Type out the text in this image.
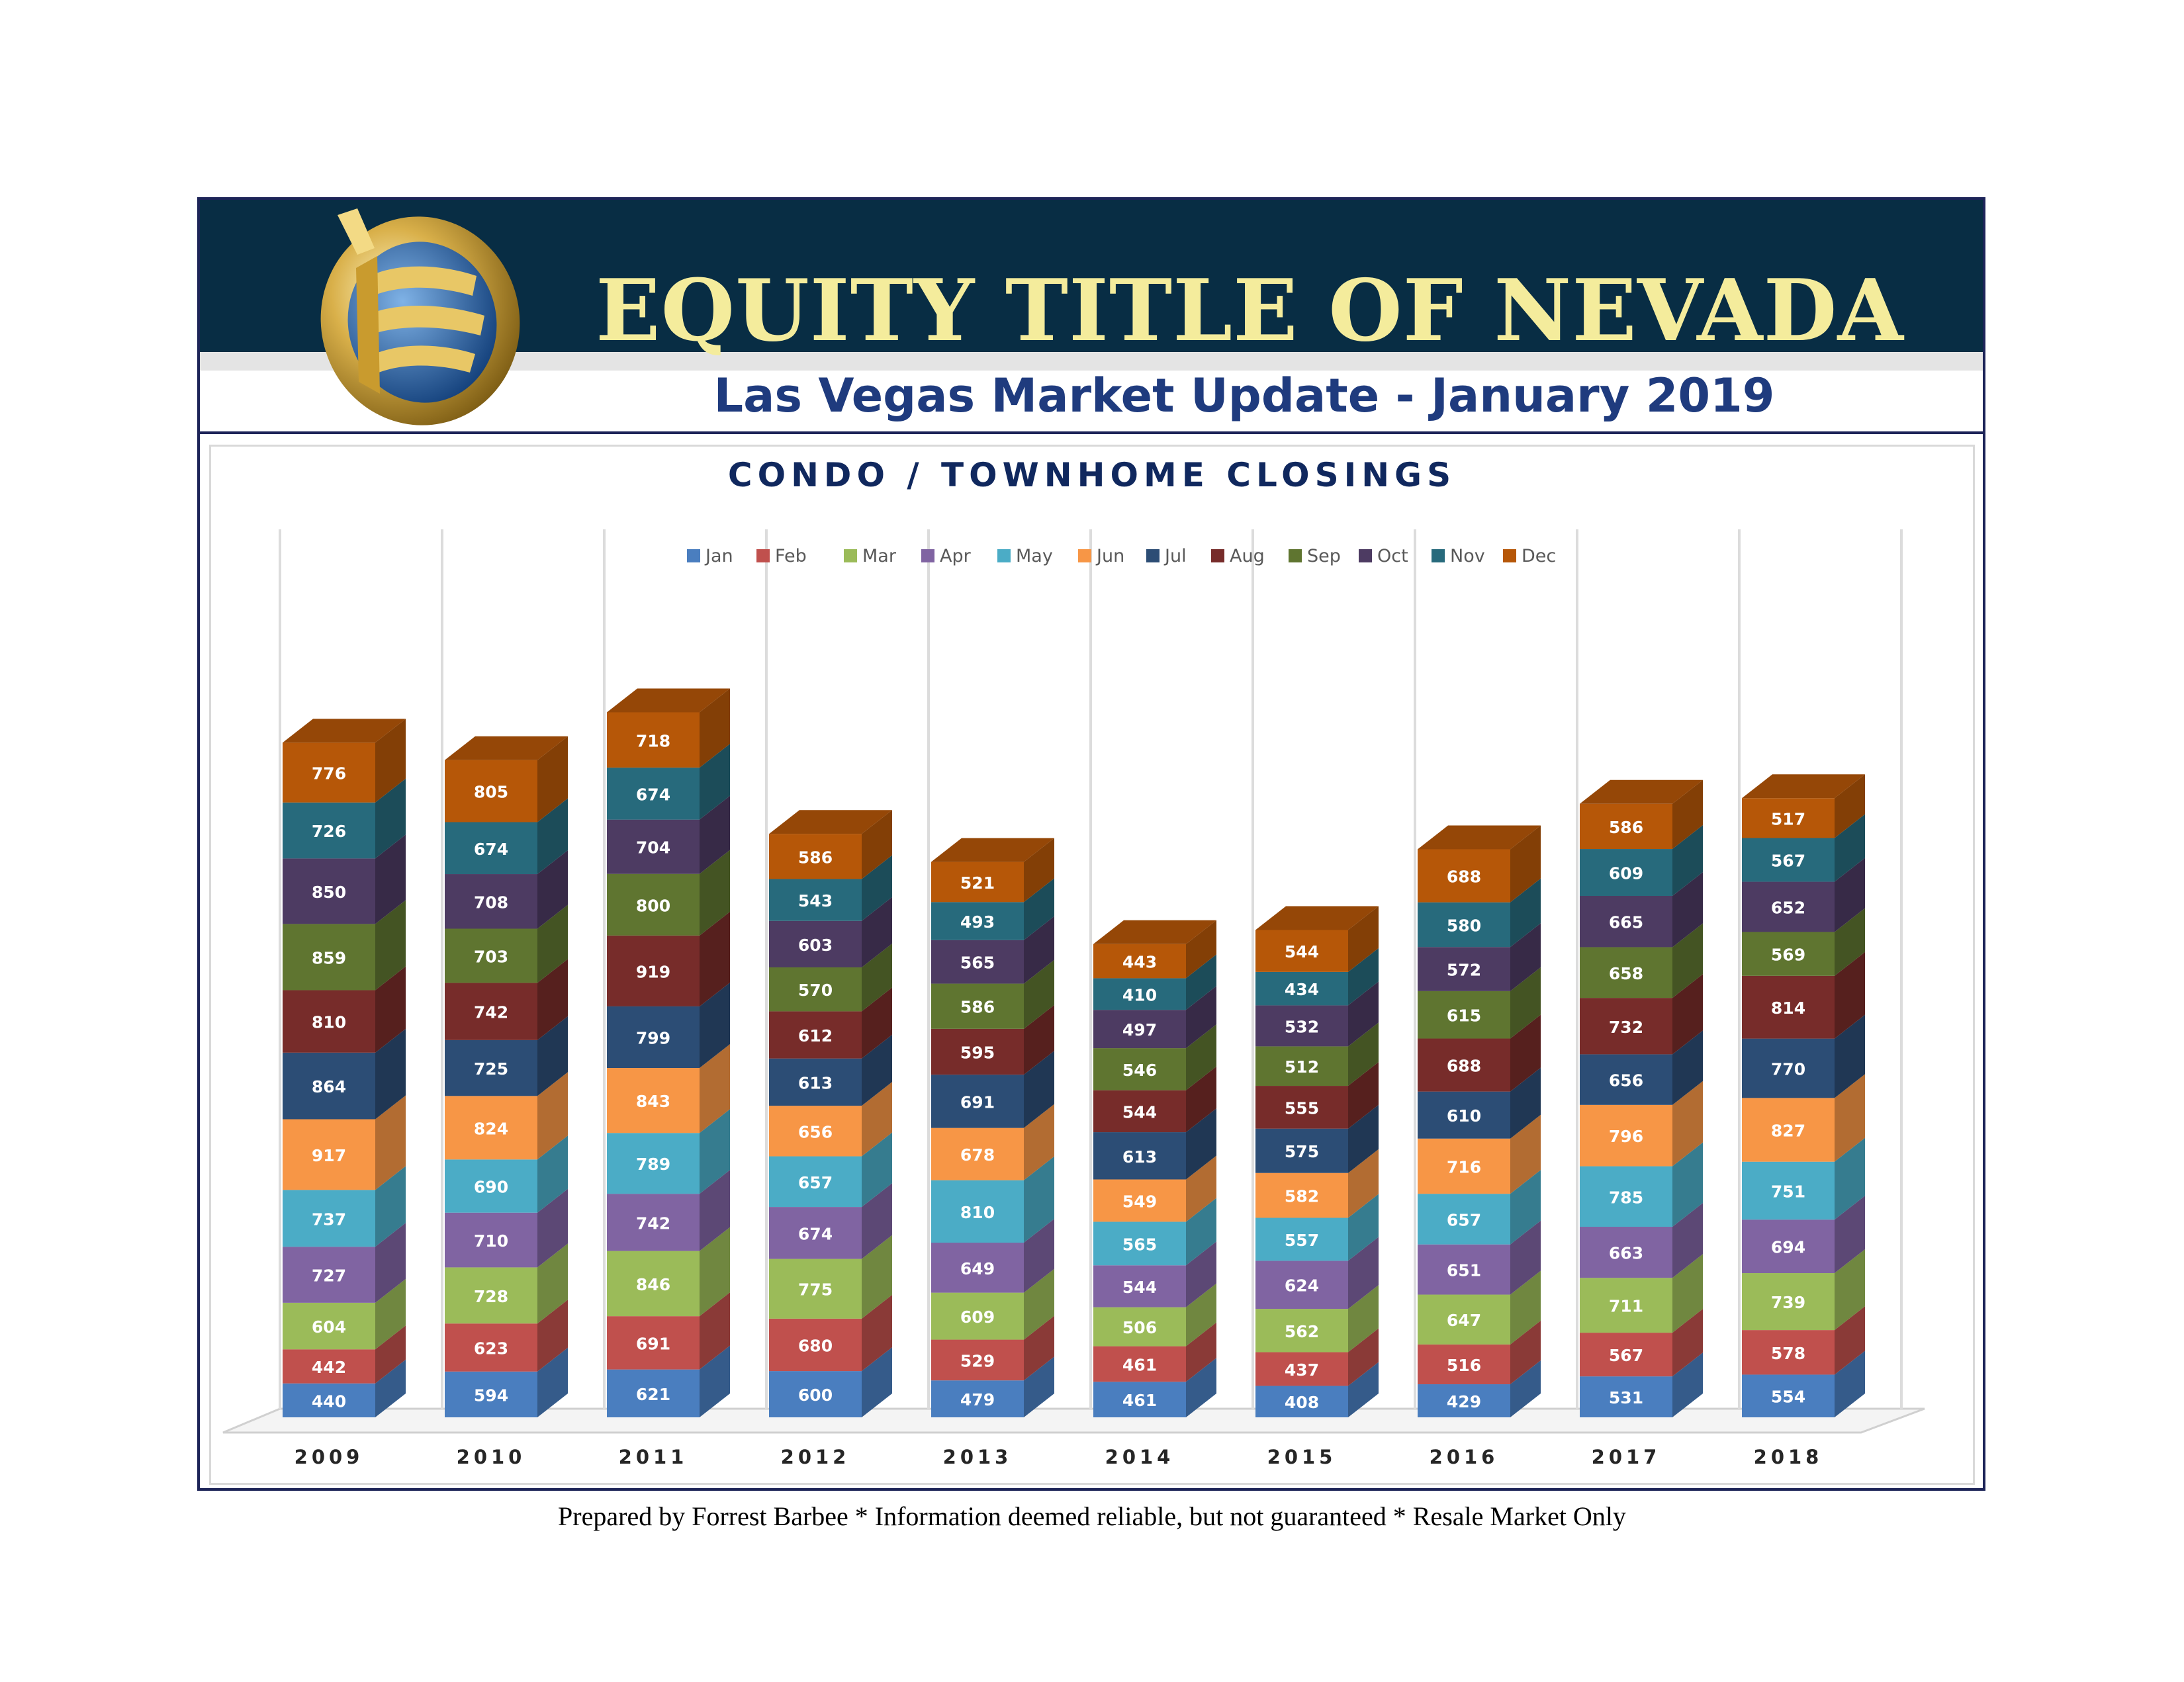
EQUITY TITLE OF NEVADA
Las Vegas Market Update - January 2019
CONDO / TOWNHOME CLOSINGS
Jan Feb	Mar Apr	May Jun Jul Aug Sep Oct Nov Dec
440
442
604
727
737
917
864
810
859
850
726
776
594
623
728
710
690
824
725
742
703
708
674
805
621
691
846
742
789
843
799
919
800
704
674
718
600
680
775
674
657
656
613
612
570
603
543
586
479
529
609
649
810
678
691
595
586
565
493
521
461
461
506
544
565
549
613
544
546
497
410
443
408
437
562
624
557
582
575
555
512
532
434
544
429
516
647
651
657
716
610
688
615
572
580
688
531
567
711
663
785
796
656
732
658
665
609
586
554
578
739
694
751
827
770
814
569
652
567
517
2009	2010	2011	2012	2013	2014	2015	2016	2017	2018
Prepared by Forrest Barbee * Information deemed reliable, but not guaranteed * Resale Market Only
